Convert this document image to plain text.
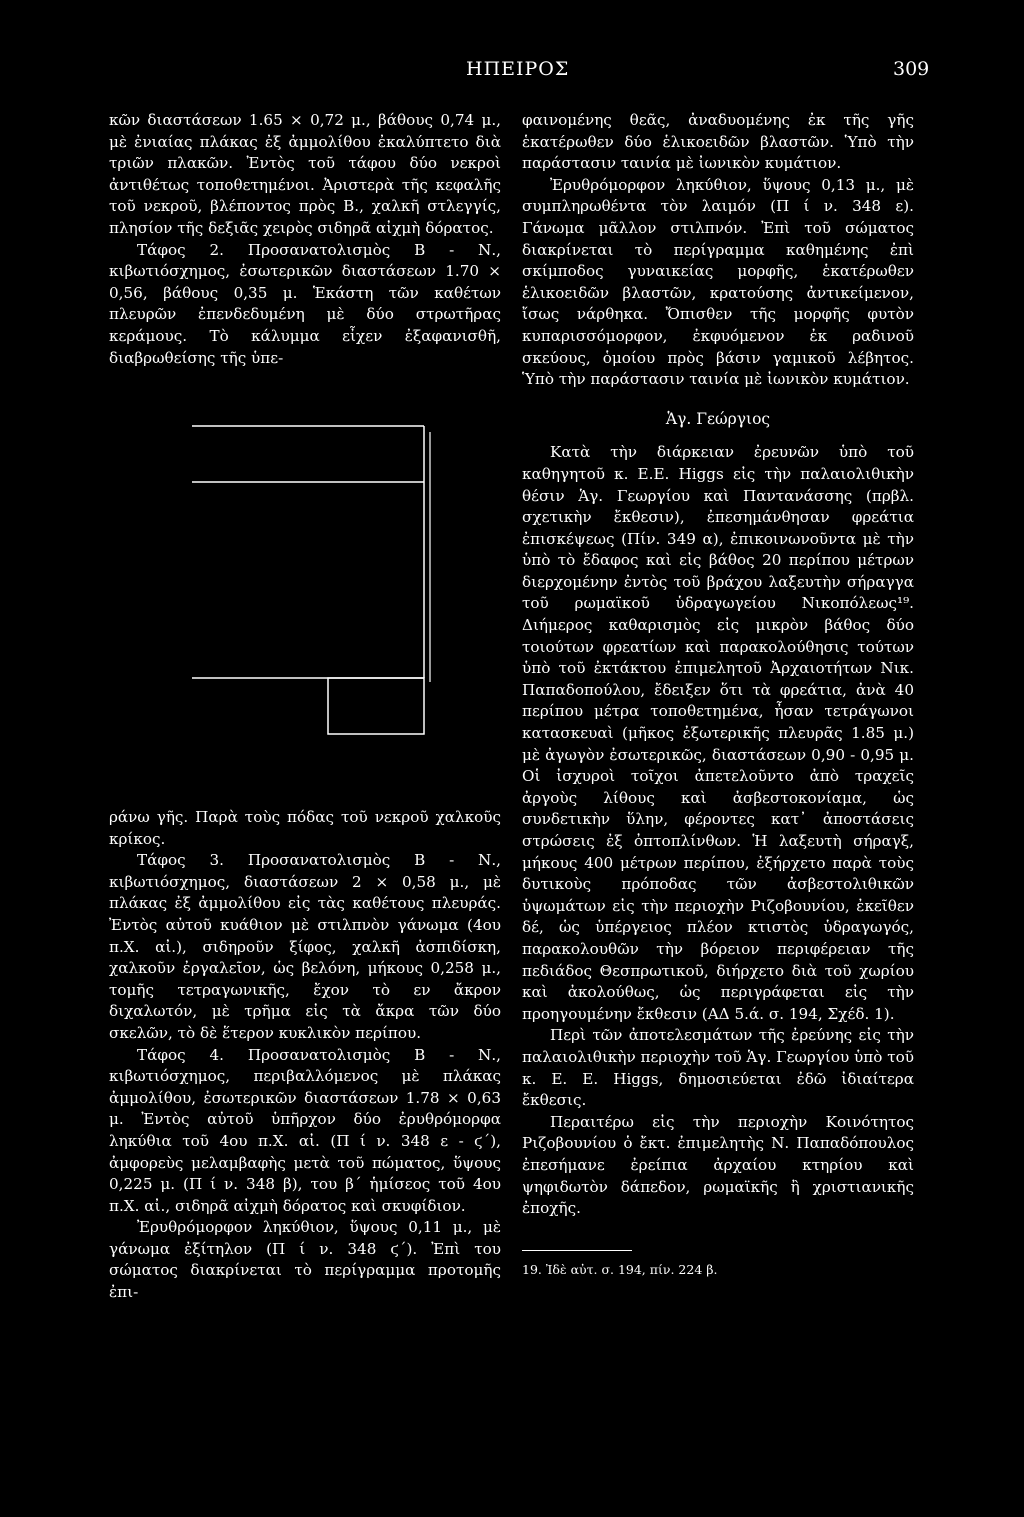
ΗΠΕΙΡΟΣ	309

κῶν διαστάσεων 1.65 × 0,72 μ., βάθους 0,74 μ., μὲ ἐνιαίας πλάκας ἐξ ἀμμολίθου ἐκαλύπτετο διὰ τριῶν πλακῶν. Ἐντὸς τοῦ τάφου δύο νεκροὶ ἀντιθέτως τοποθετημένοι. Ἀριστερὰ τῆς κεφαλῆς τοῦ νεκροῦ, βλέποντος πρὸς Β., χαλκῆ στλεγγίς, πλησίον τῆς δεξιᾶς χειρὸς σιδηρᾶ αἰχμὴ δόρατος.

Τάφος 2. Προσανατολισμὸς Β - Ν., κιβωτιόσχημος, ἐσωτερικῶν διαστάσεων 1.70 × 0,56, βάθους 0,35 μ. Ἑκάστη τῶν καθέτων πλευρῶν ἐπενδεδυμένη μὲ δύο στρωτῆρας κεράμους. Τὸ κάλυμμα εἶχεν ἐξαφανισθῆ, διαβρωθείσης τῆς ὑπε-

ράνω γῆς. Παρὰ τοὺς πόδας τοῦ νεκροῦ χαλκοῦς κρίκος.

Τάφος 3. Προσανατολισμὸς Β - Ν., κιβωτιόσχημος, διαστάσεων 2 × 0,58 μ., μὲ πλάκας ἐξ ἀμμολίθου εἰς τὰς καθέτους πλευράς. Ἐντὸς αὐτοῦ κυάθιον μὲ στιλπνὸν γάνωμα (4ου π.Χ. αἰ.), σιδηροῦν ξίφος, χαλκῆ ἀσπιδίσκη, χαλκοῦν ἐργαλεῖον, ὡς βελόνη, μήκους 0,258 μ., τομῆς τετραγωνικῆς, ἔχον τὸ εν ἄκρον διχαλωτόν, μὲ τρῆμα εἰς τὰ ἄκρα τῶν δύο σκελῶν, τὸ δὲ ἕτερον κυκλικὸν περίπου.

Τάφος 4. Προσανατολισμὸς Β - Ν., κιβωτιόσχημος, περιβαλλόμενος μὲ πλάκας ἀμμολίθου, ἐσωτερικῶν διαστάσεων 1.78 × 0,63 μ. Ἐντὸς αὐτοῦ ὑπῆρχον δύο ἐρυθρόμορφα ληκύθια τοῦ 4ου π.Χ. αἰ. (Π ί ν. 348 ε - ϛ΄), ἀμφορεὺς μελαμβαφὴς μετὰ τοῦ πώματος, ὕψους 0,225 μ. (Π ί ν. 348 β), του β΄ ἡμίσεος τοῦ 4ου π.Χ. αἰ., σιδηρᾶ αἰχμὴ δόρατος καὶ σκυφίδιον.

Ἐρυθρόμορφον ληκύθιον, ὕψους 0,11 μ., μὲ γάνωμα ἐξίτηλον (Π ί ν. 348 ϛ΄). Ἐπὶ του σώματος διακρίνεται τὸ περίγραμμα προτομῆς ἐπι-

φαινομένης θεᾶς, ἀναδυομένης ἐκ τῆς γῆς ἑκατέρωθεν δύο ἑλικοειδῶν βλαστῶν. Ὑπὸ τὴν παράστασιν ταινία μὲ ἰωνικὸν κυμάτιον.

Ἐρυθρόμορφον ληκύθιον, ὕψους 0,13 μ., μὲ συμπληρωθέντα τὸν λαιμόν (Π ί ν. 348 ε). Γάνωμα μᾶλλον στιλπνόν. Ἐπὶ τοῦ σώματος διακρίνεται τὸ περίγραμμα καθημένης ἐπὶ σκίμποδος γυναικείας μορφῆς, ἑκατέρωθεν ἑλικοειδῶν βλαστῶν, κρατούσης ἀντικείμενον, ἴσως νάρθηκα. Ὄπισθεν τῆς μορφῆς φυτὸν κυπαρισσόμορφον, ἐκφυόμενον ἐκ ραδινοῦ σκεύους, ὁμοίου πρὸς βάσιν γαμικοῦ λέβητος. Ὑπὸ τὴν παράστασιν ταινία μὲ ἰωνικὸν κυμάτιον.

Ἁγ. Γεώργιος

Κατὰ τὴν διάρκειαν ἐρευνῶν ὑπὸ τοῦ καθηγητοῦ κ. Ε.Ε. Higgs εἰς τὴν παλαιολιθικὴν θέσιν Ἁγ. Γεωργίου καὶ Παντανάσσης (πρβλ. σχετικὴν ἔκθεσιν), ἐπεσημάνθησαν φρεάτια ἐπισκέψεως (Πίν. 349 α), ἐπικοινωνοῦντα μὲ τὴν ὑπὸ τὸ ἔδαφος καὶ εἰς βάθος 20 περίπου μέτρων διερχομένην ἐντὸς τοῦ βράχου λαξευτὴν σήραγγα τοῦ ρωμαϊκοῦ ὑδραγωγείου Νικοπόλεως¹⁹. Διήμερος καθαρισμὸς εἰς μικρὸν βάθος δύο τοιούτων φρεατίων καὶ παρακολούθησις τούτων ὑπὸ τοῦ ἐκτάκτου ἐπιμελητοῦ Ἀρχαιοτήτων Νικ. Παπαδοπούλου, ἔδειξεν ὅτι τὰ φρεάτια, ἀνὰ 40 περίπου μέτρα τοποθετημένα, ἦσαν τετράγωνοι κατασκευαὶ (μῆκος ἐξωτερικῆς πλευρᾶς 1.85 μ.) μὲ ἀγωγὸν ἐσωτερικῶς, διαστάσεων 0,90 - 0,95 μ. Οἱ ἰσχυροὶ τοῖχοι ἀπετελοῦντο ἀπὸ τραχεῖς ἀργοὺς λίθους καὶ ἀσβεστοκονίαμα, ὡς συνδετικὴν ὕλην, φέροντες κατ᾽ ἀποστάσεις στρώσεις ἐξ ὀπτοπλίνθων. Ἡ λαξευτὴ σήραγξ, μήκους 400 μέτρων περίπου, ἐξήρχετο παρὰ τοὺς δυτικοὺς πρόποδας τῶν ἀσβεστολιθικῶν ὑψωμάτων εἰς τὴν περιοχὴν Ριζοβουνίου, ἐκεῖθεν δέ, ὡς ὑπέργειος πλέον κτιστὸς ὑδραγωγός, παρακολουθῶν τὴν βόρειον περιφέρειαν τῆς πεδιάδος Θεσπρωτικοῦ, διήρχετο διὰ τοῦ χωρίου καὶ ἀκολούθως, ὡς περιγράφεται εἰς τὴν προηγουμένην ἔκθεσιν (ΑΔ 5.ά. σ. 194, Σχέδ. 1).

Περὶ τῶν ἀποτελεσμάτων τῆς ἐρεύνης εἰς τὴν παλαιολιθικὴν περιοχὴν τοῦ Ἁγ. Γεωργίου ὑπὸ τοῦ κ. Ε. Ε. Higgs, δημοσιεύεται ἐδῶ ἰδιαίτερα ἔκθεσις.

Περαιτέρω εἰς τὴν περιοχὴν Κοινότητος Ριζοβουνίου ὁ ἔκτ. ἐπιμελητὴς Ν. Παπαδόπουλος ἐπεσήμανε ἐρείπια ἀρχαίου κτηρίου καὶ ψηφιδωτὸν δάπεδον, ρωμαϊκῆς ἢ χριστιανικῆς ἐποχῆς.

19. Ἰδὲ αὐτ. σ. 194, πίν. 224 β.
